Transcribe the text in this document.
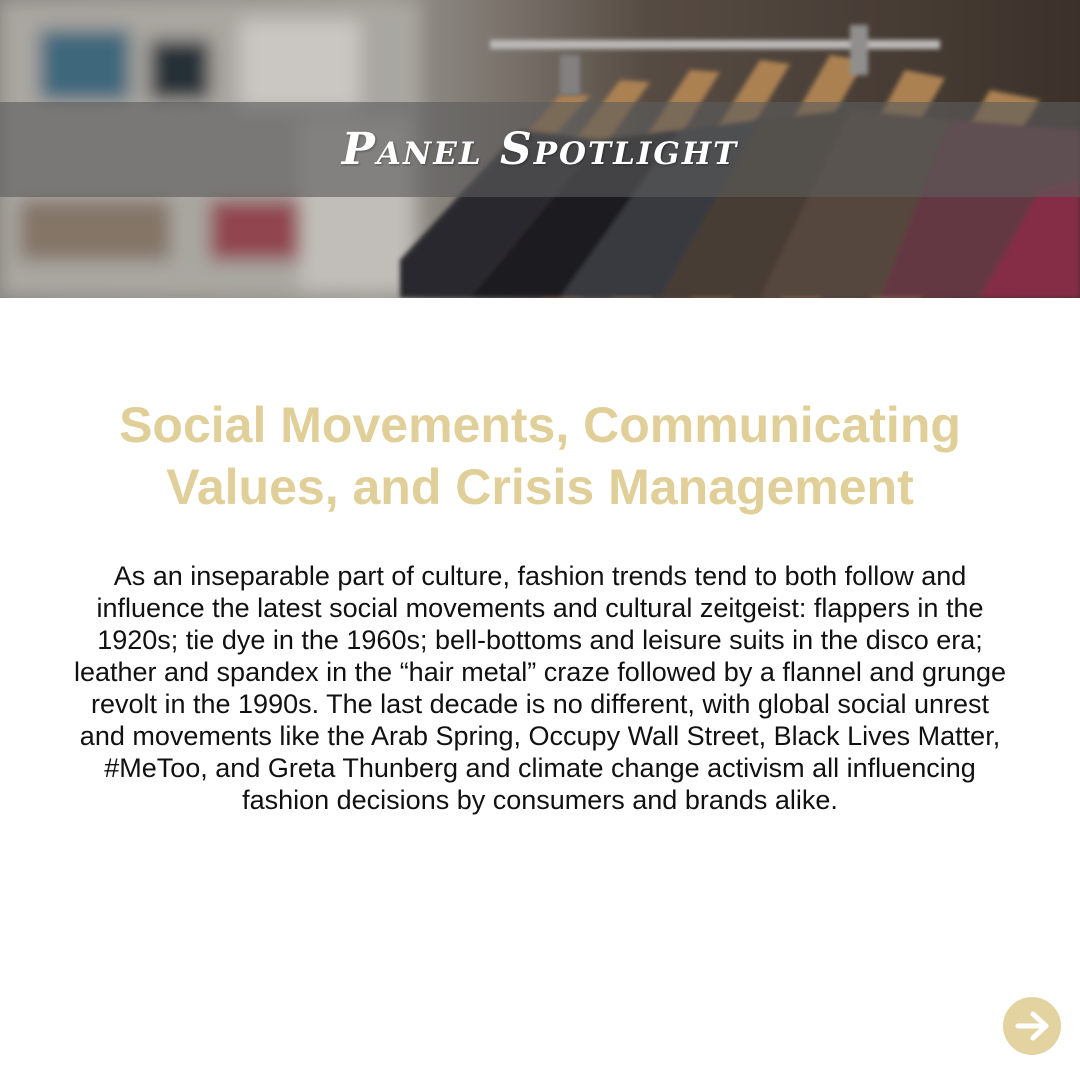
Panel Spotlight
Social Movements, Communicating Values, and Crisis Management
As an inseparable part of culture, fashion trends tend to both follow and influence the latest social movements and cultural zeitgeist: flappers in the 1920s; tie dye in the 1960s; bell-bottoms and leisure suits in the disco era; leather and spandex in the “hair metal” craze followed by a flannel and grunge revolt in the 1990s. The last decade is no different, with global social unrest and movements like the Arab Spring, Occupy Wall Street, Black Lives Matter, #MeToo, and Greta Thunberg and climate change activism all influencing fashion decisions by consumers and brands alike.
